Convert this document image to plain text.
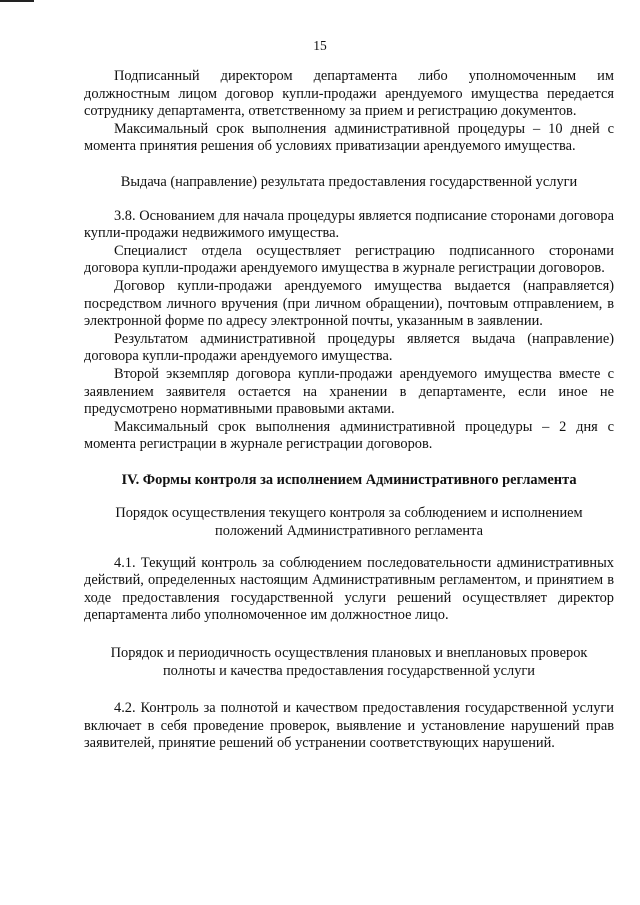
15

Подписанный директором департамента либо уполномоченным им должностным лицом договор купли-продажи арендуемого имущества передается сотруднику департамента, ответственному за прием и регистрацию документов.

Максимальный срок выполнения административной процедуры – 10 дней с момента принятия решения об условиях приватизации арендуемого имущества.

Выдача (направление) результата предоставления государственной услуги

3.8. Основанием для начала процедуры является подписание сторонами договора купли-продажи недвижимого имущества.

Специалист отдела осуществляет регистрацию подписанного сторонами договора купли-продажи арендуемого имущества в журнале регистрации договоров.

Договор купли-продажи арендуемого имущества выдается (направляется) посредством личного вручения (при личном обращении), почтовым отправлением, в электронной форме по адресу электронной почты, указанным в заявлении.

Результатом административной процедуры является выдача (направление) договора купли-продажи арендуемого имущества.

Второй экземпляр договора купли-продажи арендуемого имущества вместе с заявлением заявителя остается на хранении в департаменте, если иное не предусмотрено нормативными правовыми актами.

Максимальный срок выполнения административной процедуры – 2 дня с момента регистрации в журнале регистрации договоров.

IV. Формы контроля за исполнением Административного регламента

Порядок осуществления текущего контроля за соблюдением и исполнением положений Административного регламента

4.1. Текущий контроль за соблюдением последовательности административных действий, определенных настоящим Административным регламентом, и принятием в ходе предоставления государственной услуги решений осуществляет директор департамента либо уполномоченное им должностное лицо.

Порядок и периодичность осуществления плановых и внеплановых проверок полноты и качества предоставления государственной услуги

4.2. Контроль за полнотой и качеством предоставления государственной услуги включает в себя проведение проверок, выявление и установление нарушений прав заявителей, принятие решений об устранении соответствующих нарушений.
